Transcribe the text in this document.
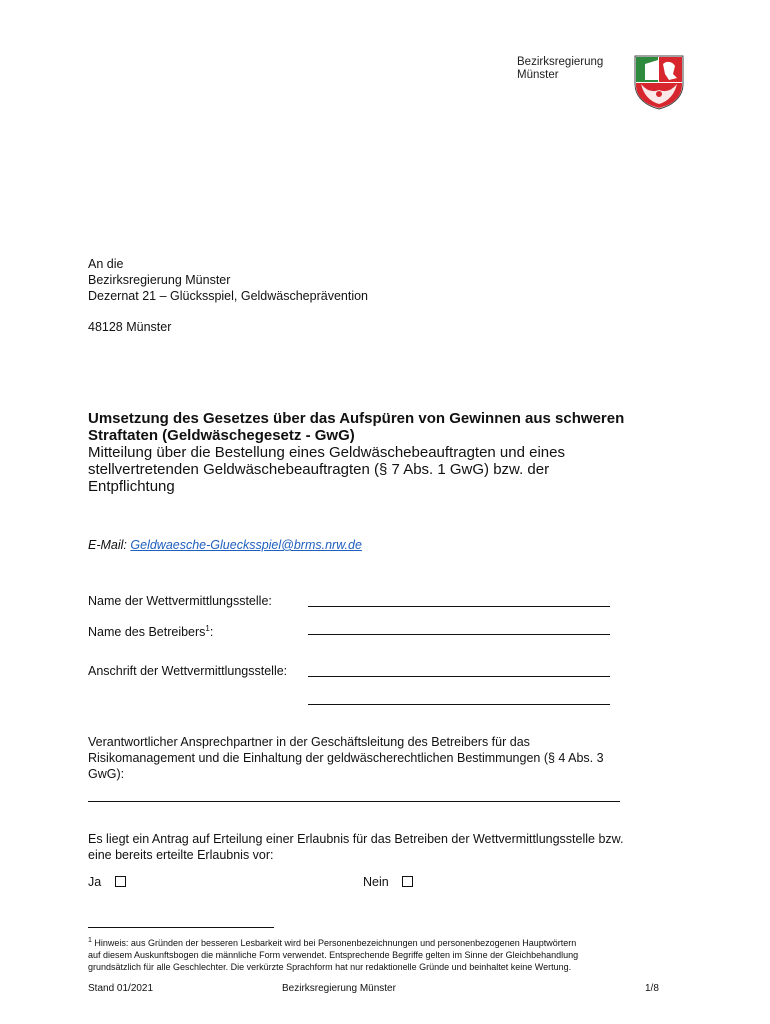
Bezirksregierung
Münster
An die
Bezirksregierung Münster
Dezernat 21 – Glücksspiel, Geldwäscheprävention
48128 Münster
Umsetzung des Gesetzes über das Aufspüren von Gewinnen aus schweren
Straftaten (Geldwäschegesetz - GwG)
Mitteilung über die Bestellung eines Geldwäschebeauftragten und eines
stellvertretenden Geldwäschebeauftragten (§ 7 Abs. 1 GwG) bzw. der
Entpflichtung
E-Mail: Geldwaesche-Gluecksspiel@brms.nrw.de
Name der Wettvermittlungsstelle:
Name des Betreibers$^1$:
Anschrift der Wettvermittlungsstelle:
Verantwortlicher Ansprechpartner in der Geschäftsleitung des Betreibers für das
Risikomanagement und die Einhaltung der geldwäscherechtlichen Bestimmungen (§ 4 Abs. 3
GwG):
Es liegt ein Antrag auf Erteilung einer Erlaubnis für das Betreiben der Wettvermittlungsstelle bzw.
eine bereits erteilte Erlaubnis vor:
Ja	Nein
$^1$ Hinweis: aus Gründen der besseren Lesbarkeit wird bei Personenbezeichnungen und personenbezogenen Hauptwörtern
auf diesem Auskunftsbogen die männliche Form verwendet. Entsprechende Begriffe gelten im Sinne der Gleichbehandlung
grundsätzlich für alle Geschlechter. Die verkürzte Sprachform hat nur redaktionelle Gründe und beinhaltet keine Wertung.
Stand 01/2021	Bezirksregierung Münster	1/8
